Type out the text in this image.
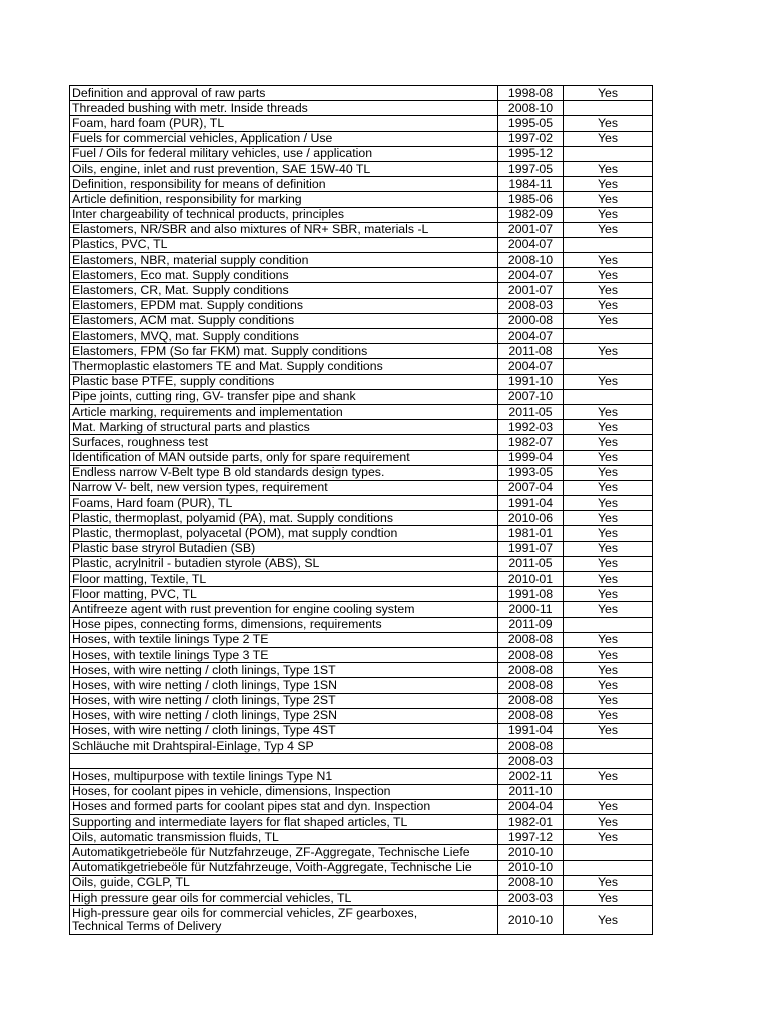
Definition and approval of raw parts	1998-08	Yes
Threaded bushing with metr. Inside threads	2008-10	
Foam, hard foam (PUR), TL	1995-05	Yes
Fuels for commercial vehicles, Application / Use	1997-02	Yes
Fuel / Oils for federal military vehicles, use / application	1995-12	
Oils, engine, inlet and rust prevention, SAE 15W-40 TL	1997-05	Yes
Definition, responsibility for means of definition	1984-11	Yes
Article definition, responsibility for marking	1985-06	Yes
Inter chargeability of technical products, principles	1982-09	Yes
Elastomers, NR/SBR and also mixtures of NR+ SBR, materials -L	2001-07	Yes
Plastics, PVC, TL	2004-07	
Elastomers, NBR, material supply condition	2008-10	Yes
Elastomers, Eco mat. Supply conditions	2004-07	Yes
Elastomers, CR, Mat. Supply conditions	2001-07	Yes
Elastomers, EPDM mat. Supply conditions	2008-03	Yes
Elastomers, ACM mat. Supply conditions	2000-08	Yes
Elastomers, MVQ, mat. Supply conditions	2004-07	
Elastomers, FPM (So far FKM) mat. Supply conditions	2011-08	Yes
Thermoplastic elastomers TE and Mat. Supply conditions	2004-07	
Plastic base PTFE, supply conditions	1991-10	Yes
Pipe joints, cutting ring, GV- transfer pipe and shank	2007-10	
Article marking, requirements and implementation	2011-05	Yes
Mat. Marking of structural parts and plastics	1992-03	Yes
Surfaces, roughness test	1982-07	Yes
Identification of MAN outside parts, only for spare requirement	1999-04	Yes
Endless narrow V-Belt type B old standards design types.	1993-05	Yes
Narrow V- belt, new version types, requirement	2007-04	Yes
Foams, Hard foam (PUR), TL	1991-04	Yes
Plastic, thermoplast, polyamid (PA), mat. Supply conditions	2010-06	Yes
Plastic, thermoplast, polyacetal (POM), mat supply condtion	1981-01	Yes
Plastic base stryrol Butadien (SB)	1991-07	Yes
Plastic, acrylnitril - butadien styrole (ABS), SL	2011-05	Yes
Floor matting, Textile, TL	2010-01	Yes
Floor matting, PVC, TL	1991-08	Yes
Antifreeze agent with rust prevention for engine cooling system	2000-11	Yes
Hose pipes, connecting forms, dimensions, requirements	2011-09	
Hoses, with textile linings Type 2 TE	2008-08	Yes
Hoses, with textile linings Type 3 TE	2008-08	Yes
Hoses, with wire netting / cloth linings, Type 1ST	2008-08	Yes
Hoses, with wire netting / cloth linings, Type 1SN	2008-08	Yes
Hoses, with wire netting / cloth linings, Type 2ST	2008-08	Yes
Hoses, with wire netting / cloth linings, Type 2SN	2008-08	Yes
Hoses, with wire netting / cloth linings, Type 4ST	1991-04	Yes
Schläuche mit Drahtspiral-Einlage, Typ 4 SP	2008-08	
	2008-03	
Hoses, multipurpose with textile linings Type N1	2002-11	Yes
Hoses, for coolant pipes in vehicle, dimensions, Inspection	2011-10	
Hoses and formed parts for coolant pipes stat and dyn. Inspection	2004-04	Yes
Supporting and intermediate layers for flat shaped articles, TL	1982-01	Yes
Oils, automatic transmission fluids, TL	1997-12	Yes
Automatikgetriebeöle für Nutzfahrzeuge, ZF-Aggregate, Technische Liefe	2010-10	
Automatikgetriebeöle für Nutzfahrzeuge, Voith-Aggregate, Technische Lie	2010-10	
Oils, guide, CGLP, TL	2008-10	Yes
High pressure gear oils for commercial vehicles, TL	2003-03	Yes
High-pressure gear oils for commercial vehicles, ZF gearboxes,
Technical Terms of Delivery	2010-10	Yes
